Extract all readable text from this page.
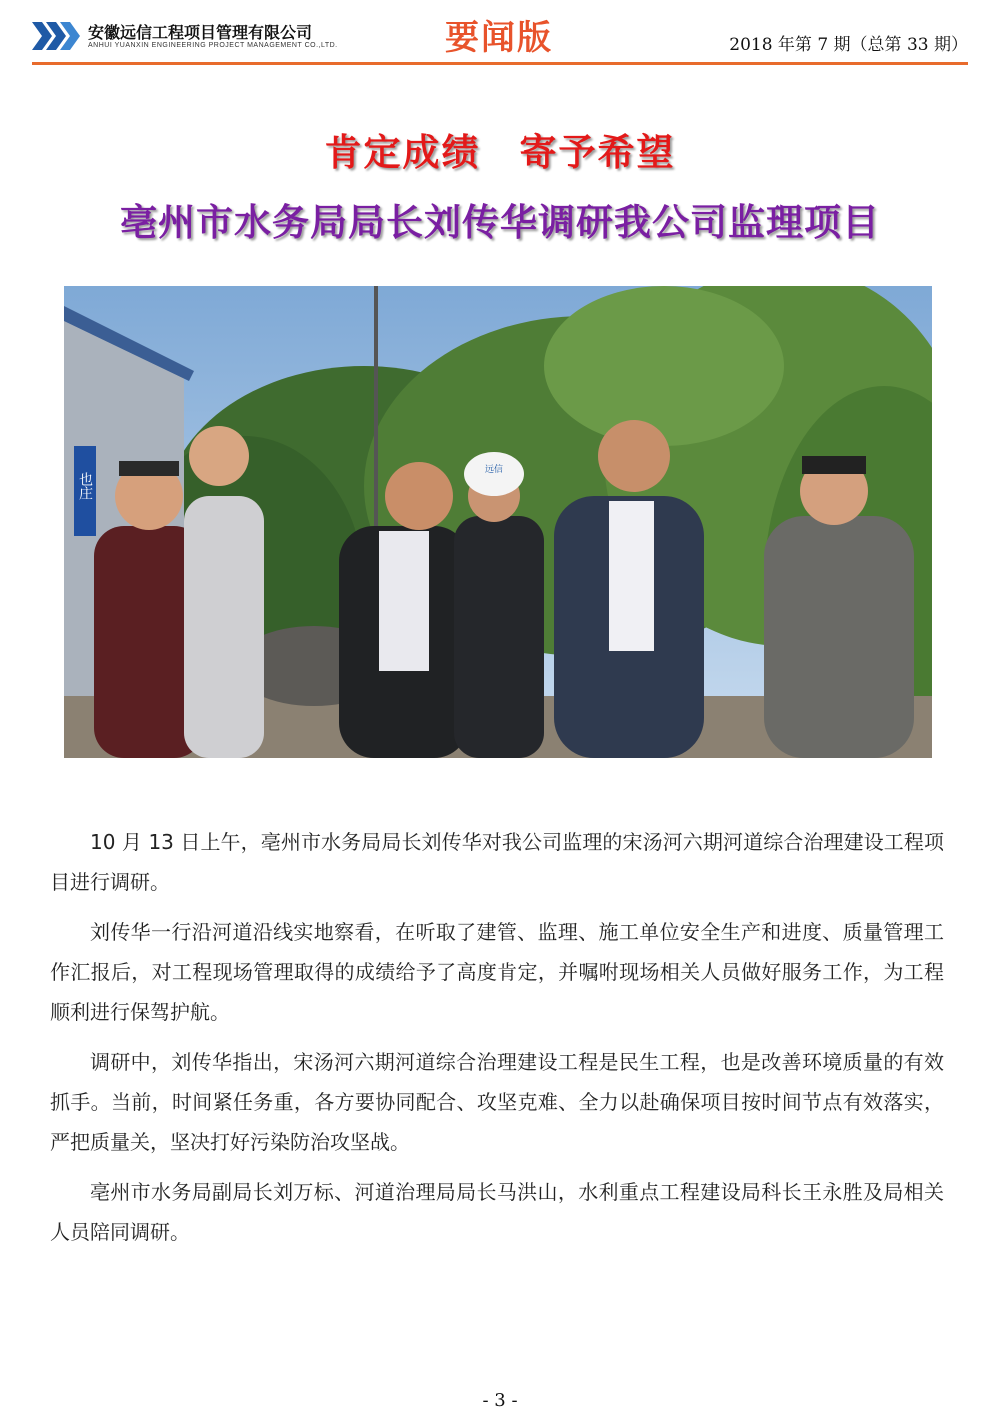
安徽远信工程项目管理有限公司
ANHUI YUANXIN ENGINEERING PROJECT MANAGEMENT CO.,LTD.	要闻版	2018 年第 7 期（总第 33 期）
肯定成绩　寄予希望
亳州市水务局局长刘传华调研我公司监理项目
也庄
远信

10 月 13 日上午，亳州市水务局局长刘传华对我公司监理的宋汤河六期河道综合治理建设工程项目进行调研。

刘传华一行沿河道沿线实地察看，在听取了建管、监理、施工单位安全生产和进度、质量管理工作汇报后，对工程现场管理取得的成绩给予了高度肯定，并嘱咐现场相关人员做好服务工作，为工程顺利进行保驾护航。

调研中，刘传华指出，宋汤河六期河道综合治理建设工程是民生工程，也是改善环境质量的有效抓手。当前，时间紧任务重，各方要协同配合、攻坚克难、全力以赴确保项目按时间节点有效落实，严把质量关，坚决打好污染防治攻坚战。

亳州市水务局副局长刘万标、河道治理局局长马洪山，水利重点工程建设局科长王永胜及局相关人员陪同调研。

- 3 -
